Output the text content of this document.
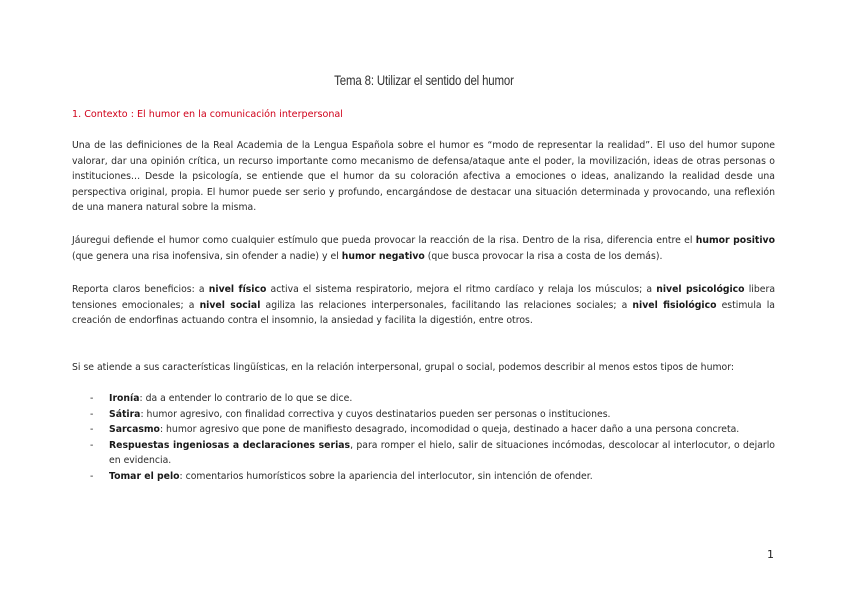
Tema 8: Utilizar el sentido del humor
1. Contexto : El humor en la comunicación interpersonal
Una de las definiciones de la Real Academia de la Lengua Española sobre el humor es “modo de representar la realidad”. El uso del humor supone valorar, dar una opinión crítica, un recurso importante como mecanismo de defensa/ataque ante el poder, la movilización, ideas de otras personas o instituciones… Desde la psicología, se entiende que el humor da su coloración afectiva a emociones o ideas, analizando la realidad desde una perspectiva original, propia. El humor puede ser serio y profundo, encargándose de destacar una situación determinada y provocando, una reflexión de una manera natural sobre la misma.
Jáuregui defiende el humor como cualquier estímulo que pueda provocar la reacción de la risa. Dentro de la risa, diferencia entre el humor positivo (que genera una risa inofensiva, sin ofender a nadie) y el humor negativo (que busca provocar la risa a costa de los demás).
Reporta claros beneficios: a nivel físico activa el sistema respiratorio, mejora el ritmo cardíaco y relaja los músculos; a nivel psicológico libera tensiones emocionales; a nivel social agiliza las relaciones interpersonales, facilitando las relaciones sociales; a nivel fisiológico estimula la creación de endorfinas actuando contra el insomnio, la ansiedad y facilita la digestión, entre otros.
Si se atiende a sus características lingüísticas, en la relación interpersonal, grupal o social, podemos describir al menos estos tipos de humor:
- Ironía: da a entender lo contrario de lo que se dice.
- Sátira: humor agresivo, con finalidad correctiva y cuyos destinatarios pueden ser personas o instituciones.
- Sarcasmo: humor agresivo que pone de manifiesto desagrado, incomodidad o queja, destinado a hacer daño a una persona concreta.
- Respuestas ingeniosas a declaraciones serias, para romper el hielo, salir de situaciones incómodas, descolocar al interlocutor, o dejarlo en evidencia.
- Tomar el pelo: comentarios humorísticos sobre la apariencia del interlocutor, sin intención de ofender.
1
